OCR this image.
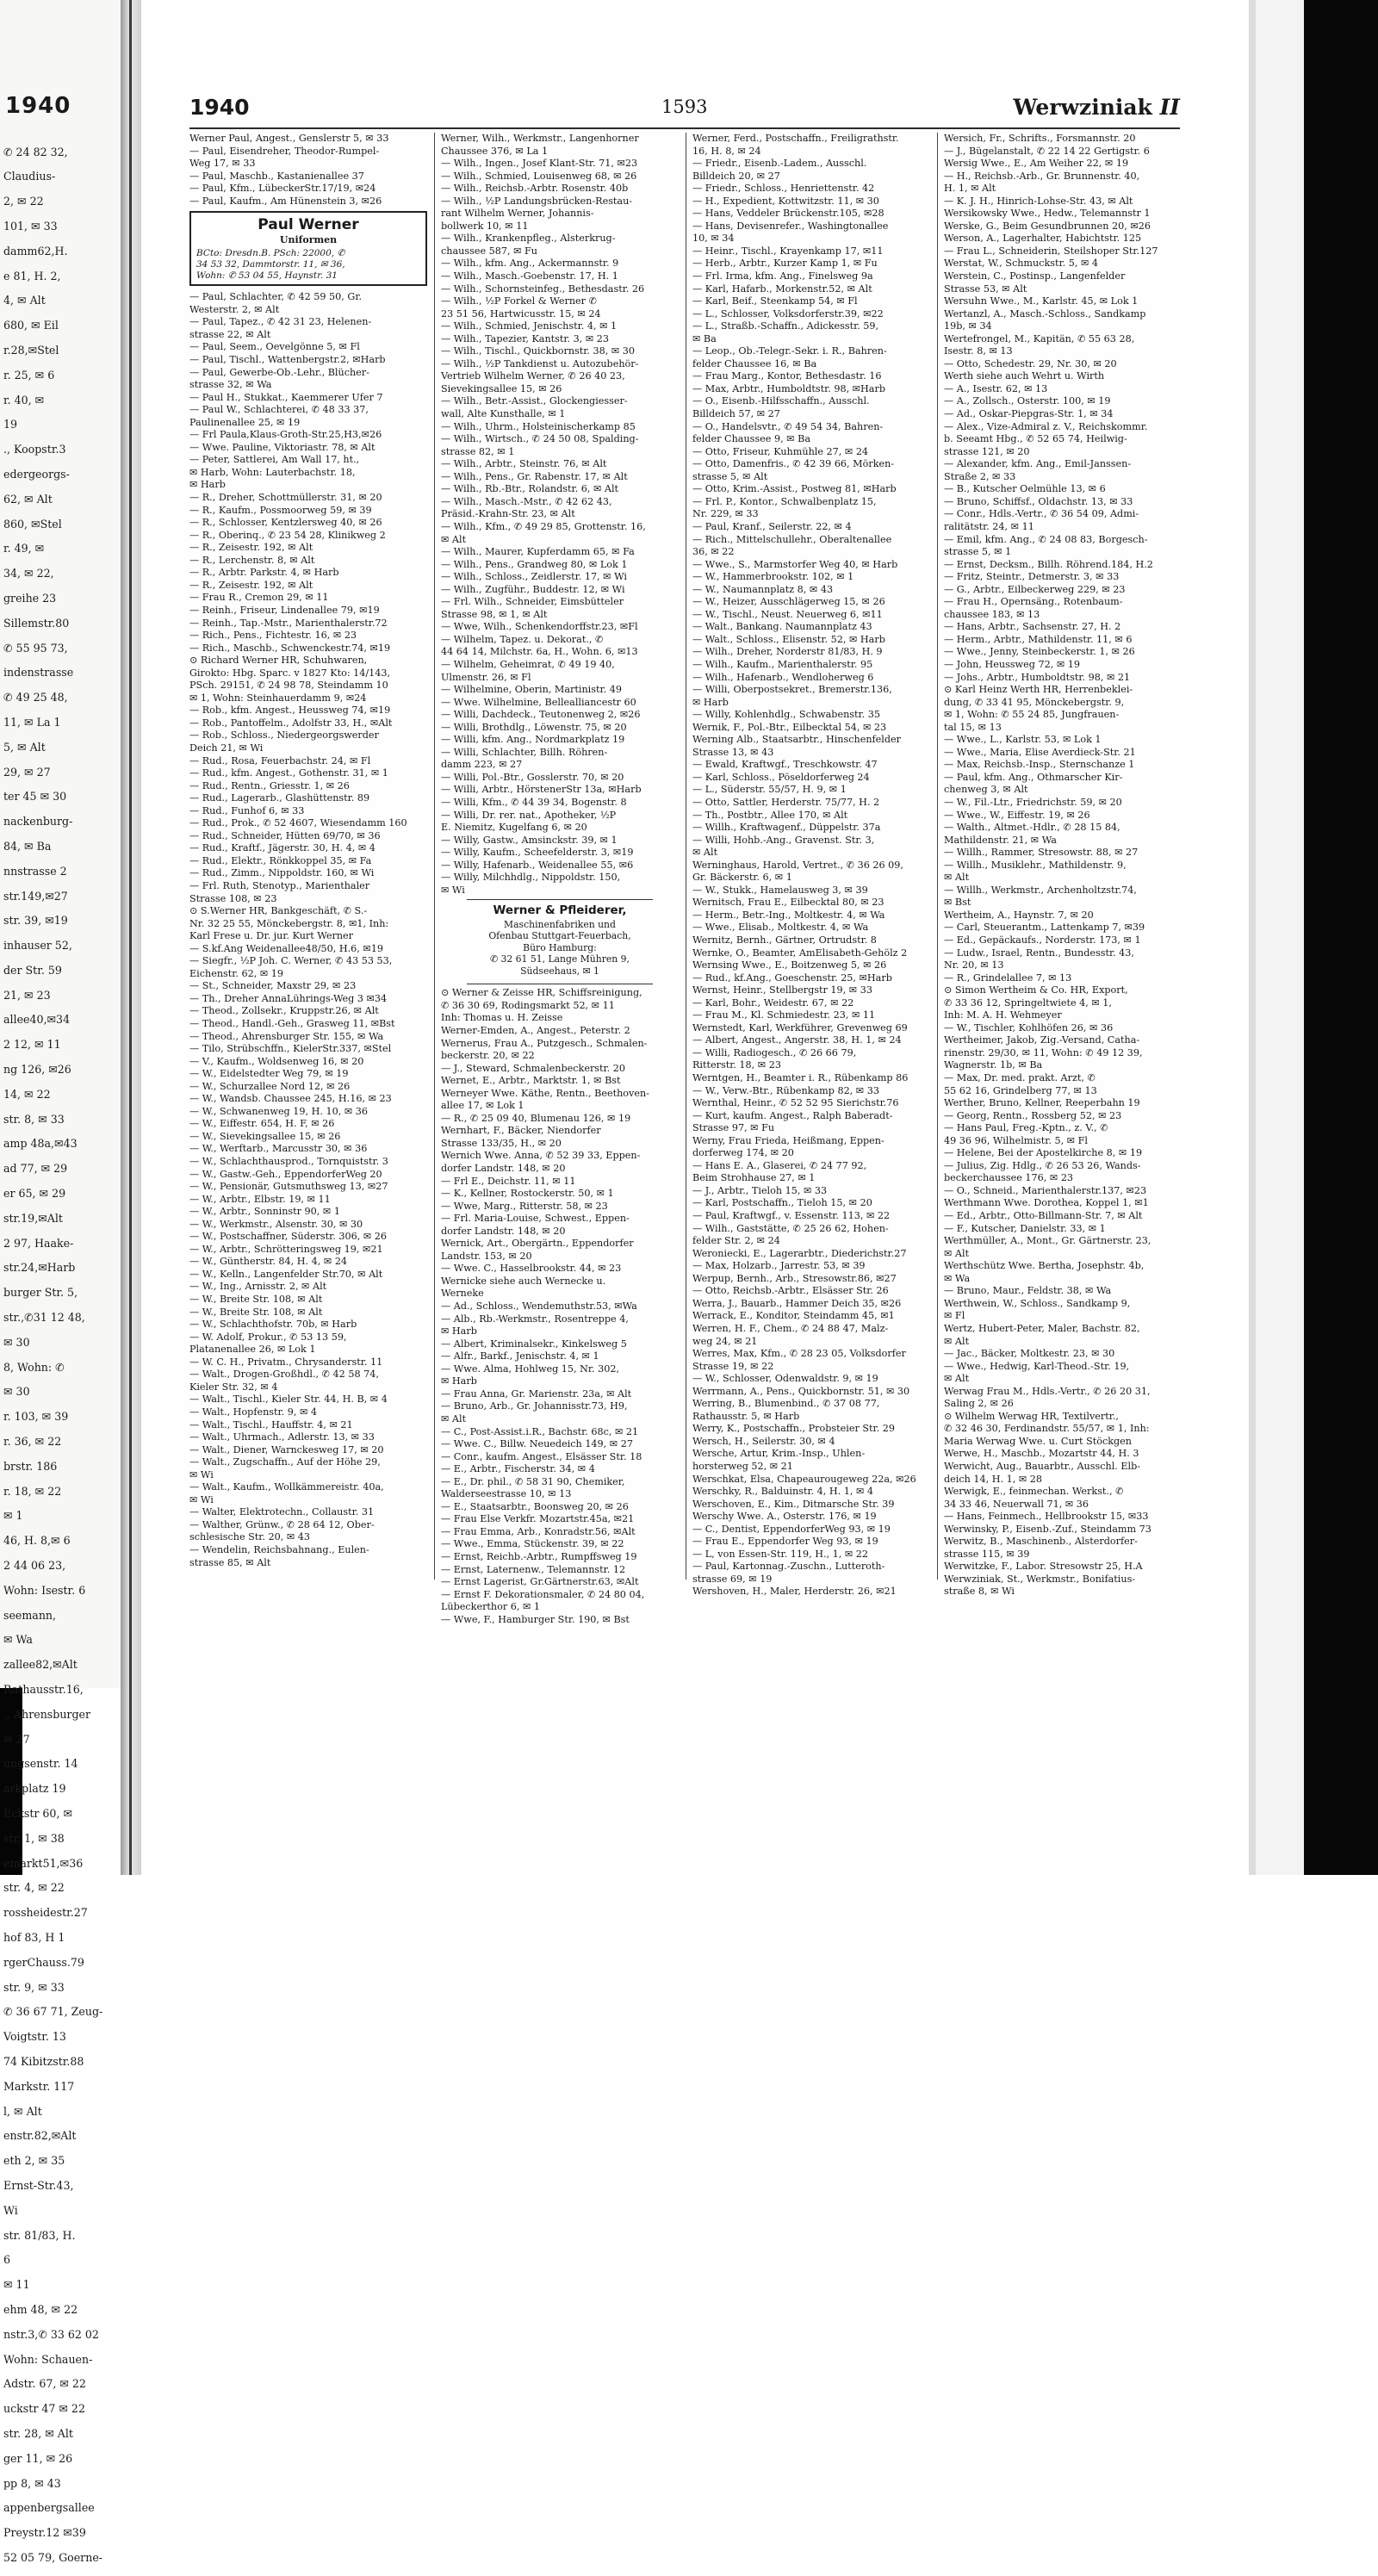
1940

✆ 24 82 32,

Claudius-

2, ✉ 22

101, ✉ 33

damm62,H.

e 81, H. 2,

4, ✉ Alt

680, ✉ Eil

r.28,✉Stel

r. 25, ✉ 6

r. 40, ✉

19

., Koopstr.3

edergeorgs-

62, ✉ Alt

860, ✉Stel

r. 49, ✉

34, ✉ 22,

greihe 23

Sillemstr.80

✆ 55 95 73,

indenstrasse

✆ 49 25 48,

11, ✉ La 1

5, ✉ Alt

29, ✉ 27

ter 45 ✉ 30

nackenburg-

84, ✉ Ba

nnstrasse 2

str.149,✉27

str. 39, ✉19

inhauser 52,

der Str. 59

21, ✉ 23

allee40,✉34

2 12, ✉ 11

ng 126, ✉26

14, ✉ 22

str. 8, ✉ 33

amp 48a,✉43

ad 77, ✉ 29

er 65, ✉ 29

str.19,✉Alt

2 97, Haake-

str.24,✉Harb

burger Str. 5,

str.,✆31 12 48,

✉ 30

8, Wohn: ✆

✉ 30

r. 103, ✉ 39

r. 36, ✉ 22

brstr. 186

r. 18, ✉ 22

✉ 1

46, H. 8,✉ 6

2 44 06 23,

Wohn: Isestr. 6

seemann,

✉ Wa

zallee82,✉Alt

Rathausstr.16,

., Ahrensburger

✉ 27

ungsenstr. 14

arkplatz 19

Eckstr 60, ✉

str. 1, ✉ 38

emarkt51,✉36

str. 4, ✉ 22

rossheidestr.27

hof 83, H 1

rgerChauss.79

str. 9, ✉ 33

✆ 36 67 71, Zeug-

Voigtstr. 13

74 Kibitzstr.88

Markstr. 117

l, ✉ Alt

enstr.82,✉Alt

eth 2, ✉ 35

Ernst-Str.43,

Wi

str. 81/83, H.

6

✉ 11

ehm 48, ✉ 22

nstr.3,✆ 33 62 02

Wohn: Schauen-

Adstr. 67, ✉ 22

uckstr 47 ✉ 22

str. 28, ✉ Alt

ger 11, ✉ 26

pp 8, ✉ 43

appenbergsallee

Preystr.12 ✉39

52 05 79, Goerne-

1940	1593	Werwziniak II

Werner Paul, Angest., Genslerstr 5, ✉ 33

— Paul, Eisendreher, Theodor-Rumpel-

Weg 17, ✉ 33

— Paul, Maschb., Kastanienallee 37

— Paul, Kfm., LübeckerStr.17/19, ✉24

— Paul, Kaufm., Am Hünenstein 3, ✉26

Paul Werner
Uniformen
BCto: Dresdn.B. PSch: 22000, ✆
34 53 32, Dammtorstr. 11, ✉ 36,
Wohn: ✆ 53 04 55, Haynstr. 31

— Paul, Schlachter, ✆ 42 59 50, Gr.

Westerstr. 2, ✉ Alt

— Paul, Tapez., ✆ 42 31 23, Helenen-

strasse 22, ✉ Alt

— Paul, Seem., Oevelgönne 5, ✉ Fl

— Paul, Tischl., Wattenbergstr.2, ✉Harb

— Paul, Gewerbe-Ob.-Lehr., Blücher-

strasse 32, ✉ Wa

— Paul H., Stukkat., Kaemmerer Ufer 7

— Paul W., Schlachterei, ✆ 48 33 37,

Paulinenallee 25, ✉ 19

— Frl Paula,Klaus-Groth-Str.25,H3,✉26

— Wwe. Pauline, Viktoriastr. 78, ✉ Alt

— Peter, Sattlerei, Am Wall 17, ht.,

✉ Harb, Wohn: Lauterbachstr. 18,

✉ Harb

— R., Dreher, Schottmüllerstr. 31, ✉ 20

— R., Kaufm., Possmoorweg 59, ✉ 39

— R., Schlosser, Kentzlersweg 40, ✉ 26

— R., Oberinq., ✆ 23 54 28, Klinikweg 2

— R., Zeisestr. 192, ✉ Alt

— R., Lerchenstr. 8, ✉ Alt

— R., Arbtr. Parkstr. 4, ✉ Harb

— R., Zeisestr. 192, ✉ Alt

— Frau R., Cremon 29, ✉ 11

— Reinh., Friseur, Lindenallee 79, ✉19

— Reinh., Tap.-Mstr., Marienthalerstr.72

— Rich., Pens., Fichtestr. 16, ✉ 23

— Rich., Maschb., Schwenckestr.74, ✉19

⊙ Richard Werner HR, Schuhwaren,

Girokto: Hbg. Sparc. v 1827 Kto: 14/143,

PSch. 29151, ✆ 24 98 78, Steindamm 10

✉ 1, Wohn: Steinhauerdamm 9, ✉24

— Rob., kfm. Angest., Heussweg 74, ✉19

— Rob., Pantoffelm., Adolfstr 33, H., ✉Alt

— Rob., Schloss., Niedergeorgswerder

Deich 21, ✉ Wi

— Rud., Rosa, Feuerbachstr. 24, ✉ Fl

— Rud., kfm. Angest., Gothenstr. 31, ✉ 1

— Rud., Rentn., Griesstr. 1, ✉ 26

— Rud., Lagerarb., Glashüttenstr. 89

— Rud., Funhof 6, ✉ 33

— Rud., Prok., ✆ 52 4607, Wiesendamm 160

— Rud., Schneider, Hütten 69/70, ✉ 36

— Rud., Kraftf., Jägerstr. 30, H. 4, ✉ 4

— Rud., Elektr., Rönkkoppel 35, ✉ Fa

— Rud., Zimm., Nippoldstr. 160, ✉ Wi

— Frl. Ruth, Stenotyp., Marienthaler

Strasse 108, ✉ 23

⊙ S.Werner HR, Bankgeschäft, ✆ S.-

Nr. 32 25 55, Mönckebergstr. 8, ✉1, Inh:

Karl Frese u. Dr. jur. Kurt Werner

— S.kf.Ang Weidenallee48/50, H.6, ✉19

— Siegfr., ½P Joh. C. Werner, ✆ 43 53 53,

Eichenstr. 62, ✉ 19

— St., Schneider, Maxstr 29, ✉ 23

— Th., Dreher AnnaLührings-Weg 3 ✉34

— Theod., Zollsekr., Kruppstr.26, ✉ Alt

— Theod., Handl.-Geh., Grasweg 11, ✉Bst

— Theod., Ahrensburger Str. 155, ✉ Wa

— Tilo, Strübschffn., KielerStr.337, ✉Stel

— V., Kaufm., Woldsenweg 16, ✉ 20

— W., Eidelstedter Weg 79, ✉ 19

— W., Schurzallee Nord 12, ✉ 26

— W., Wandsb. Chaussee 245, H.16, ✉ 23

— W., Schwanenweg 19, H. 10, ✉ 36

— W., Eiffestr. 654, H. F, ✉ 26

— W., Sievekingsallee 15, ✉ 26

— W., Werftarb., Marcusstr 30, ✉ 36

— W., Schlachthausprod., Tornquiststr. 3

— W., Gastw.-Geh., EppendorferWeg 20

— W., Pensionär, Gutsmuthsweg 13, ✉27

— W., Arbtr., Elbstr. 19, ✉ 11

— W., Arbtr., Sonninstr 90, ✉ 1

— W., Werkmstr., Alsenstr. 30, ✉ 30

— W., Postschaffner, Süderstr. 306, ✉ 26

— W., Arbtr., Schrötteringsweg 19, ✉21

— W., Güntherstr. 84, H. 4, ✉ 24

— W., Kelln., Langenfelder Str.70, ✉ Alt

— W., Ing., Arnisstr. 2, ✉ Alt

— W., Breite Str. 108, ✉ Alt

— W., Breite Str. 108, ✉ Alt

— W., Schlachthofstr. 70b, ✉ Harb

— W. Adolf, Prokur., ✆ 53 13 59,

Platanenallee 26, ✉ Lok 1

— W. C. H., Privatm., Chrysanderstr. 11

— Walt., Drogen-Großhdl., ✆ 42 58 74,

Kieler Str. 32, ✉ 4

— Walt., Tischl., Kieler Str. 44, H. B, ✉ 4

— Walt., Hopfenstr. 9, ✉ 4

— Walt., Tischl., Hauffstr. 4, ✉ 21

— Walt., Uhrmach., Adlerstr. 13, ✉ 33

— Walt., Diener, Warnckesweg 17, ✉ 20

— Walt., Zugschaffn., Auf der Höhe 29,

✉ Wi

— Walt., Kaufm., Wollkämmereistr. 40a,

✉ Wi

— Walter, Elektrotechn., Collaustr. 31

— Walther, Grünw., ✆ 28 64 12, Ober-

schlesische Str. 20, ✉ 43

— Wendelin, Reichsbahnang., Eulen-

strasse 85, ✉ Alt

Werner, Wilh., Werkmstr., Langenhorner

Chaussee 376, ✉ La 1

— Wilh., Ingen., Josef Klant-Str. 71, ✉23

— Wilh., Schmied, Louisenweg 68, ✉ 26

— Wilh., Reichsb.-Arbtr. Rosenstr. 40b

— Wilh., ½P Landungsbrücken-Restau-

rant Wilhelm Werner, Johannis-

bollwerk 10, ✉ 11

— Wilh., Krankenpfleg., Alsterkrug-

chaussee 587, ✉ Fu

— Wilh., kfm. Ang., Ackermannstr. 9

— Wilh., Masch.-Goebenstr. 17, H. 1

— Wilh., Schornsteinfeg., Bethesdastr. 26

— Wilh., ½P Forkel & Werner ✆

23 51 56, Hartwicusstr. 15, ✉ 24

— Wilh., Schmied, Jenischstr. 4, ✉ 1

— Wilh., Tapezier, Kantstr. 3, ✉ 23

— Wilh., Tischl., Quickbornstr. 38, ✉ 30

— Wilh., ½P Tankdienst u. Autozubehör-

Vertrieb Wilhelm Werner, ✆ 26 40 23,

Sievekingsallee 15, ✉ 26

— Wilh., Betr.-Assist., Glockengiesser-

wall, Alte Kunsthalle, ✉ 1

— Wilh., Uhrm., Holsteinischerkamp 85

— Wilh., Wirtsch., ✆ 24 50 08, Spalding-

strasse 82, ✉ 1

— Wilh., Arbtr., Steinstr. 76, ✉ Alt

— Wilh., Pens., Gr. Rabenstr. 17, ✉ Alt

— Wilh., Rb.-Btr., Rolandstr. 6, ✉ Alt

— Wilh., Masch.-Mstr., ✆ 42 62 43,

Präsid.-Krahn-Str. 23, ✉ Alt

— Wilh., Kfm., ✆ 49 29 85, Grottenstr. 16,

✉ Alt

— Wilh., Maurer, Kupferdamm 65, ✉ Fa

— Wilh., Pens., Grandweg 80, ✉ Lok 1

— Wilh., Schloss., Zeidlerstr. 17, ✉ Wi

— Wilh., Zugführ., Buddestr. 12, ✉ Wi

— Frl. Wilh., Schneider, Eimsbütteler

Strasse 98, ✉ 1, ✉ Alt

— Wwe, Wilh., Schenkendorffstr.23, ✉Fl

— Wilhelm, Tapez. u. Dekorat., ✆

44 64 14, Milchstr. 6a, H., Wohn. 6, ✉13

— Wilhelm, Geheimrat, ✆ 49 19 40,

Ulmenstr. 26, ✉ Fl

— Wilhelmine, Oberin, Martinistr. 49

— Wwe. Wilhelmine, Bellealliancestr 60

— Willi, Dachdeck., Teutonenweg 2, ✉26

— Willi, Brothdlg., Löwenstr. 75, ✉ 20

— Willi, kfm. Ang., Nordmarkplatz 19

— Willi, Schlachter, Billh. Röhren-

damm 223, ✉ 27

— Willi, Pol.-Btr., Gosslerstr. 70, ✉ 20

— Willi, Arbtr., HörstenerStr 13a, ✉Harb

— Willi, Kfm., ✆ 44 39 34, Bogenstr. 8

— Willi, Dr. rer. nat., Apotheker, ½P

E. Niemitz, Kugelfang 6, ✉ 20

— Willy, Gastw., Amsinckstr. 39, ✉ 1

— Willy, Kaufm., Scheefelderstr. 3, ✉19

— Willy, Hafenarb., Weidenallee 55, ✉6

— Willy, Milchhdlg., Nippoldstr. 150,

✉ Wi

Werner & Pfleiderer,
Maschinenfabriken und
Ofenbau Stuttgart-Feuerbach,
Büro Hamburg:
✆ 32 61 51, Lange Mühren 9,
Südseehaus, ✉ 1

⊙ Werner & Zeisse HR, Schiffsreinigung,

✆ 36 30 69, Rodingsmarkt 52, ✉ 11

Inh: Thomas u. H. Zeisse

Werner-Emden, A., Angest., Peterstr. 2

Wernerus, Frau A., Putzgesch., Schmalen-

beckerstr. 20, ✉ 22

— J., Steward, Schmalenbeckerstr. 20

Wernet, E., Arbtr., Marktstr. 1, ✉ Bst

Werneyer Wwe. Käthe, Rentn., Beethoven-

allee 17, ✉ Lok 1

— R., ✆ 25 09 40, Blumenau 126, ✉ 19

Wernhart, F., Bäcker, Niendorfer

Strasse 133/35, H., ✉ 20

Wernich Wwe. Anna, ✆ 52 39 33, Eppen-

dorfer Landstr. 148, ✉ 20

— Frl E., Deichstr. 11, ✉ 11

— K., Kellner, Rostockerstr. 50, ✉ 1

— Wwe, Marg., Ritterstr. 58, ✉ 23

— Frl. Maria-Louise, Schwest., Eppen-

dorfer Landstr. 148, ✉ 20

Wernick, Art., Obergärtn., Eppendorfer

Landstr. 153, ✉ 20

— Wwe. C., Hasselbrookstr. 44, ✉ 23

Wernicke siehe auch Wernecke u.

Werneke

— Ad., Schloss., Wendemuthstr.53, ✉Wa

— Alb., Rb.-Werkmstr., Rosentreppe 4,

✉ Harb

— Albert, Kriminalsekr., Kinkelsweg 5

— Alfr., Barkf., Jenischstr. 4, ✉ 1

— Wwe. Alma, Hohlweg 15, Nr. 302,

✉ Harb

— Frau Anna, Gr. Marienstr. 23a, ✉ Alt

— Bruno, Arb., Gr. Johannisstr.73, H9,

✉ Alt

— C., Post-Assist.i.R., Bachstr. 68c, ✉ 21

— Wwe. C., Billw. Neuedeich 149, ✉ 27

— Conr., kaufm. Angest., Elsässer Str. 18

— E., Arbtr., Fischerstr. 34, ✉ 4

— E., Dr. phil., ✆ 58 31 90, Chemiker,

Walderseestrasse 10, ✉ 13

— E., Staatsarbtr., Boonsweg 20, ✉ 26

— Frau Else Verkfr. Mozartstr.45a, ✉21

— Frau Emma, Arb., Konradstr.56, ✉Alt

— Wwe., Emma, Stückenstr. 39, ✉ 22

— Ernst, Reichb.-Arbtr., Rumpffsweg 19

— Ernst, Laternenw., Telemannstr. 12

— Ernst Lagerist, Gr.Gärtnerstr.63, ✉Alt

— Ernst F. Dekorationsmaler, ✆ 24 80 04,

Lübeckerthor 6, ✉ 1

— Wwe, F., Hamburger Str. 190, ✉ Bst

Werner, Ferd., Postschaffn., Freiligrathstr.

16, H. 8, ✉ 24

— Friedr., Eisenb.-Ladem., Ausschl.

Billdeich 20, ✉ 27

— Friedr., Schloss., Henriettenstr. 42

— H., Expedient, Kottwitzstr. 11, ✉ 30

— Hans, Veddeler Brückenstr.105, ✉28

— Hans, Devisenrefer., Washingtonallee

10, ✉ 34

— Heinr., Tischl., Krayenkamp 17, ✉11

— Herb., Arbtr., Kurzer Kamp 1, ✉ Fu

— Frl. Irma, kfm. Ang., Finelsweg 9a

— Karl, Hafarb., Morkenstr.52, ✉ Alt

— Karl, Beif., Steenkamp 54, ✉ Fl

— L., Schlosser, Volksdorferstr.39, ✉22

— L., Straßb.-Schaffn., Adickesstr. 59,

✉ Ba

— Leop., Ob.-Telegr.-Sekr. i. R., Bahren-

felder Chaussee 16, ✉ Ba

— Frau Marg., Kontor, Bethesdastr. 16

— Max, Arbtr., Humboldtstr. 98, ✉Harb

— O., Eisenb.-Hilfsschaffn., Ausschl.

Billdeich 57, ✉ 27

— O., Handelsvtr., ✆ 49 54 34, Bahren-

felder Chaussee 9, ✉ Ba

— Otto, Friseur, Kuhmühle 27, ✉ 24

— Otto, Damenfris., ✆ 42 39 66, Mörken-

strasse 5, ✉ Alt

— Otto, Krim.-Assist., Postweg 81, ✉Harb

— Frl. P., Kontor., Schwalbenplatz 15,

Nr. 229, ✉ 33

— Paul, Kranf., Seilerstr. 22, ✉ 4

— Rich., Mittelschullehr., Oberaltenallee

36, ✉ 22

— Wwe., S., Marmstorfer Weg 40, ✉ Harb

— W., Hammerbrookstr. 102, ✉ 1

— W., Naumannplatz 8, ✉ 43

— W., Heizer, Ausschlägerweg 15, ✉ 26

— W., Tischl., Neust. Neuerweg 6, ✉11

— Walt., Bankang. Naumannplatz 43

— Walt., Schloss., Elisenstr. 52, ✉ Harb

— Wilh., Dreher, Norderstr 81/83, H. 9

— Wilh., Kaufm., Marienthalerstr. 95

— Wilh., Hafenarb., Wendloherweg 6

— Willi, Oberpostsekret., Bremerstr.136,

✉ Harb

— Willy, Kohlenhdlg., Schwabenstr. 35

Wernik, F., Pol.-Btr., Eilbecktal 54, ✉ 23

Werning Alb., Staatsarbtr., Hinschenfelder

Strasse 13, ✉ 43

— Ewald, Kraftwgf., Treschkowstr. 47

— Karl, Schloss., Pöseldorferweg 24

— L., Süderstr. 55/57, H. 9, ✉ 1

— Otto, Sattler, Herderstr. 75/77, H. 2

— Th., Postbtr., Allee 170, ✉ Alt

— Willh., Kraftwagenf., Düppelstr. 37a

— Willi, Hohb.-Ang., Gravenst. Str. 3,

✉ Alt

Werninghaus, Harold, Vertret., ✆ 36 26 09,

Gr. Bäckerstr. 6, ✉ 1

— W., Stukk., Hamelausweg 3, ✉ 39

Wernitsch, Frau E., Eilbecktal 80, ✉ 23

— Herm., Betr.-Ing., Moltkestr. 4, ✉ Wa

— Wwe., Elisab., Moltkestr. 4, ✉ Wa

Wernitz, Bernh., Gärtner, Ortrudstr. 8

Wernke, O., Beamter, AmElisabeth-Gehölz 2

Wernsing Wwe., E., Boitzenweg 5, ✉ 26

— Rud., kf.Ang., Goeschenstr. 25, ✉Harb

Wernst, Heinr., Stellbergstr 19, ✉ 33

— Karl, Bohr., Weidestr. 67, ✉ 22

— Frau M., Kl. Schmiedestr. 23, ✉ 11

Wernstedt, Karl, Werkführer, Grevenweg 69

— Albert, Angest., Angerstr. 38, H. 1, ✉ 24

— Willi, Radiogesch., ✆ 26 66 79,

Ritterstr. 18, ✉ 23

Werntgen, H., Beamter i. R., Rübenkamp 86

— W., Verw.-Btr., Rübenkamp 82, ✉ 33

Wernthal, Heinr., ✆ 52 52 95 Sierichstr.76

— Kurt, kaufm. Angest., Ralph Baberadt-

Strasse 97, ✉ Fu

Werny, Frau Frieda, Heißmang, Eppen-

dorferweg 174, ✉ 20

— Hans E. A., Glaserei, ✆ 24 77 92,

Beim Strohhause 27, ✉ 1

— J., Arbtr., Tieloh 15, ✉ 33

— Karl, Postschaffn., Tieloh 15, ✉ 20

— Paul, Kraftwgf., v. Essenstr. 113, ✉ 22

— Wilh., Gaststätte, ✆ 25 26 62, Hohen-

felder Str. 2, ✉ 24

Weroniecki, E., Lagerarbtr., Diederichstr.27

— Max, Holzarb., Jarrestr. 53, ✉ 39

Werpup, Bernh., Arb., Stresowstr.86, ✉27

— Otto, Reichsb.-Arbtr., Elsässer Str. 26

Werra, J., Bauarb., Hammer Deich 35, ✉26

Werrack, E., Konditor, Steindamm 45, ✉1

Werren, H. F., Chem., ✆ 24 88 47, Malz-

weg 24, ✉ 21

Werres, Max, Kfm., ✆ 28 23 05, Volksdorfer

Strasse 19, ✉ 22

— W., Schlosser, Odenwaldstr. 9, ✉ 19

Werrmann, A., Pens., Quickbornstr. 51, ✉ 30

Werring, B., Blumenbind., ✆ 37 08 77,

Rathausstr. 5, ✉ Harb

Werry, K., Postschaffn., Probsteier Str. 29

Wersch, H., Seilerstr. 30, ✉ 4

Wersche, Artur, Krim.-Insp., Uhlen-

horsterweg 52, ✉ 21

Werschkat, Elsa, Chapeaurougeweg 22a, ✉26

Werschky, R., Balduinstr. 4, H. 1, ✉ 4

Werschoven, E., Kim., Ditmarsche Str. 39

Werschy Wwe. A., Osterstr. 176, ✉ 19

— C., Dentist, EppendorferWeg 93, ✉ 19

— Frau E., Eppendorfer Weg 93, ✉ 19

— L, von Essen-Str. 119, H., 1, ✉ 22

— Paul, Kartonnag.-Zuschn., Lutteroth-

strasse 69, ✉ 19

Wershoven, H., Maler, Herderstr. 26, ✉21

Wersich, Fr., Schrifts., Forsmannstr. 20

— J., Bügelanstalt, ✆ 22 14 22 Gertigstr. 6

Wersig Wwe., E., Am Weiher 22, ✉ 19

— H., Reichsb.-Arb., Gr. Brunnenstr. 40,

H. 1, ✉ Alt

— K. J. H., Hinrich-Lohse-Str. 43, ✉ Alt

Wersikowsky Wwe., Hedw., Telemannstr 1

Werske, G., Beim Gesundbrunnen 20, ✉26

Werson, A., Lagerhalter, Habichtstr. 125

— Frau L., Schneiderin, Steilshoper Str.127

Werstat, W., Schmuckstr. 5, ✉ 4

Werstein, C., Postinsp., Langenfelder

Strasse 53, ✉ Alt

Wersuhn Wwe., M., Karlstr. 45, ✉ Lok 1

Wertanzl, A., Masch.-Schloss., Sandkamp

19b, ✉ 34

Wertefrongel, M., Kapitän, ✆ 55 63 28,

Isestr. 8, ✉ 13

— Otto, Schedestr. 29, Nr. 30, ✉ 20

Werth siehe auch Wehrt u. Wirth

— A., Isestr. 62, ✉ 13

— A., Zollsch., Osterstr. 100, ✉ 19

— Ad., Oskar-Piepgras-Str. 1, ✉ 34

— Alex., Vize-Admiral z. V., Reichskommr.

b. Seeamt Hbg., ✆ 52 65 74, Heilwig-

strasse 121, ✉ 20

— Alexander, kfm. Ang., Emil-Janssen-

Straße 2, ✉ 33

— B., Kutscher Oelmühle 13, ✉ 6

— Bruno, Schiffsf., Oldachstr. 13, ✉ 33

— Conr., Hdls.-Vertr., ✆ 36 54 09, Admi-

ralitätstr. 24, ✉ 11

— Emil, kfm. Ang., ✆ 24 08 83, Borgesch-

strasse 5, ✉ 1

— Ernst, Decksm., Billh. Röhrend.184, H.2

— Fritz, Steintr., Detmerstr. 3, ✉ 33

— G., Arbtr., Eilbeckerweg 229, ✉ 23

— Frau H., Opernsäng., Rotenbaum-

chaussee 183, ✉ 13

— Hans, Arbtr., Sachsenstr. 27, H. 2

— Herm., Arbtr., Mathildenstr. 11, ✉ 6

— Wwe., Jenny, Steinbeckerstr. 1, ✉ 26

— John, Heussweg 72, ✉ 19

— Johs., Arbtr., Humboldtstr. 98, ✉ 21

⊙ Karl Heinz Werth HR, Herrenbeklei-

dung, ✆ 33 41 95, Mönckebergstr. 9,

✉ 1, Wohn: ✆ 55 24 85, Jungfrauen-

tal 15, ✉ 13

— Wwe., L., Karlstr. 53, ✉ Lok 1

— Wwe., Maria, Elise Averdieck-Str. 21

— Max, Reichsb.-Insp., Sternschanze 1

— Paul, kfm. Ang., Othmarscher Kir-

chenweg 3, ✉ Alt

— W., Fil.-Ltr., Friedrichstr. 59, ✉ 20

— Wwe., W., Eiffestr. 19, ✉ 26

— Walth., Altmet.-Hdlr., ✆ 28 15 84,

Mathildenstr. 21, ✉ Wa

— Willh., Rammer, Stresowstr. 88, ✉ 27

— Willh., Musiklehr., Mathildenstr. 9,

✉ Alt

— Willh., Werkmstr., Archenholtzstr.74,

✉ Bst

Wertheim, A., Haynstr. 7, ✉ 20

— Carl, Steuerantm., Lattenkamp 7, ✉39

— Ed., Gepäckaufs., Norderstr. 173, ✉ 1

— Ludw., Israel, Rentn., Bundesstr. 43,

Nr. 20, ✉ 13

— R., Grindelallee 7, ✉ 13

⊙ Simon Wertheim & Co. HR, Export,

✆ 33 36 12, Springeltwiete 4, ✉ 1,

Inh: M. A. H. Wehmeyer

— W., Tischler, Kohlhöfen 26, ✉ 36

Wertheimer, Jakob, Zig.-Versand, Catha-

rinenstr. 29/30, ✉ 11, Wohn: ✆ 49 12 39,

Wagnerstr. 1b, ✉ Ba

— Max, Dr. med. prakt. Arzt, ✆

55 62 16, Grindelberg 77, ✉ 13

Werther, Bruno, Kellner, Reeperbahn 19

— Georg, Rentn., Rossberg 52, ✉ 23

— Hans Paul, Freg.-Kptn., z. V., ✆

49 36 96, Wilhelmistr. 5, ✉ Fl

— Helene, Bei der Apostelkirche 8, ✉ 19

— Julius, Zig. Hdlg., ✆ 26 53 26, Wands-

beckerchaussee 176, ✉ 23

— O., Schneid., Marienthalerstr.137, ✉23

Werthmann Wwe. Dorothea, Koppel 1, ✉1

— Ed., Arbtr., Otto-Billmann-Str. 7, ✉ Alt

— F., Kutscher, Danielstr. 33, ✉ 1

Werthmüller, A., Mont., Gr. Gärtnerstr. 23,

✉ Alt

Werthschütz Wwe. Bertha, Josephstr. 4b,

✉ Wa

— Bruno, Maur., Feldstr. 38, ✉ Wa

Werthwein, W., Schloss., Sandkamp 9,

✉ Fl

Wertz, Hubert-Peter, Maler, Bachstr. 82,

✉ Alt

— Jac., Bäcker, Moltkestr. 23, ✉ 30

— Wwe., Hedwig, Karl-Theod.-Str. 19,

✉ Alt

Werwag Frau M., Hdls.-Vertr., ✆ 26 20 31,

Saling 2, ✉ 26

⊙ Wilhelm Werwag HR, Textilvertr.,

✆ 32 46 30, Ferdinandstr. 55/57, ✉ 1, Inh:

Maria Werwag Wwe. u. Curt Stöckgen

Werwe, H., Maschb., Mozartstr 44, H. 3

Werwicht, Aug., Bauarbtr., Ausschl. Elb-

deich 14, H. 1, ✉ 28

Werwigk, E., feinmechan. Werkst., ✆

34 33 46, Neuerwall 71, ✉ 36

— Hans, Feinmech., Hellbrookstr 15, ✉33

Werwinsky, P., Eisenb.-Zuf., Steindamm 73

Werwitz, B., Maschinenb., Alsterdorfer-

strasse 115, ✉ 39

Werwitzke, F., Labor. Stresowstr 25, H.A

Werwziniak, St., Werkmstr., Bonifatius-

straße 8, ✉ Wi
